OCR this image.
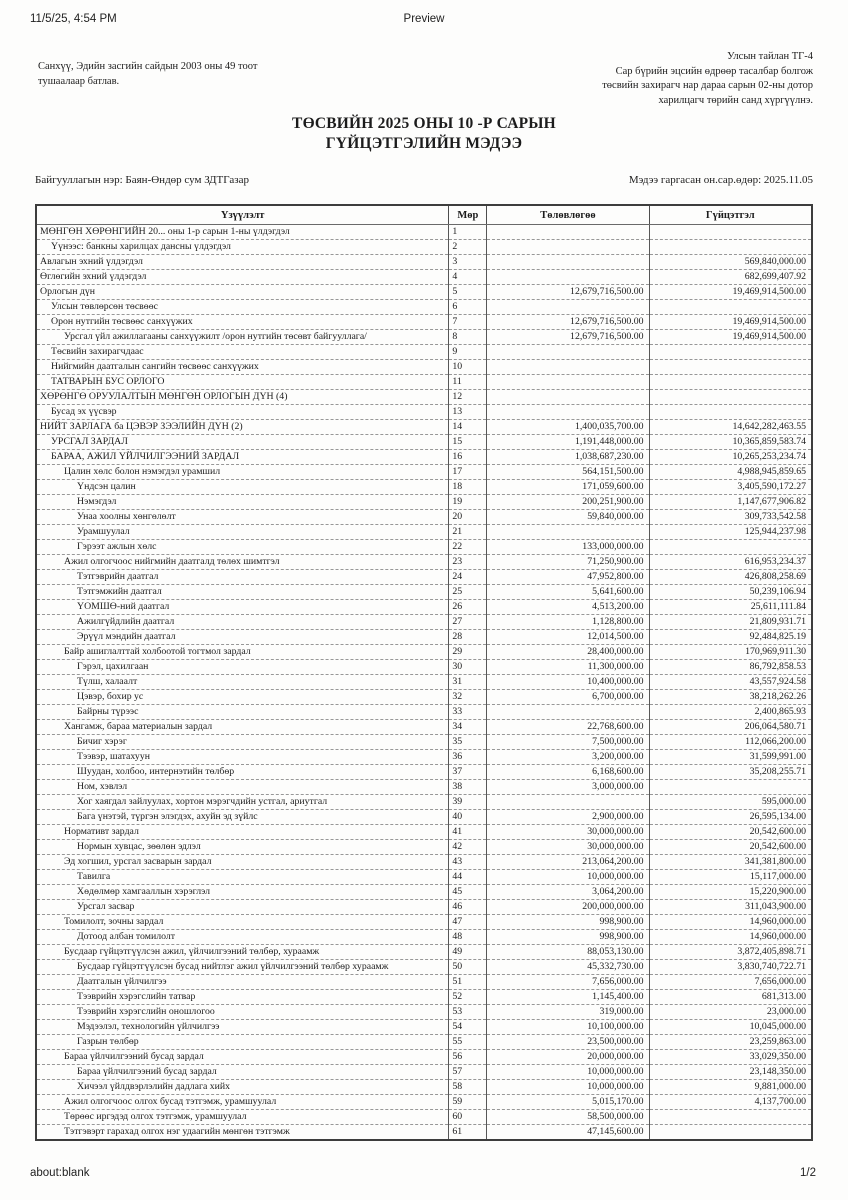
11/5/25, 4:54 PM	Preview
Санхүү, Эдийн засгийн сайдын 2003 оны 49 тоот
тушаалаар батлав.
Улсын тайлан ТГ-4
Сар бүрийн эцсийн өдрөөр тасалбар болгож
төсвийн захирагч нар дараа сарын 02-ны дотор
харилцагч төрийн санд хүргүүлнэ.
ТӨСВИЙН 2025 ОНЫ 10 -Р САРЫН
ГҮЙЦЭТГЭЛИЙН МЭДЭЭ
Байгууллагын нэр: Баян-Өндөр сум ЗДТГазар	Мэдээ гаргасан он.сар.өдөр: 2025.11.05
Үзүүлэлт	Мөр	Төлөвлөгөө	Гүйцэтгэл
МӨНГӨН ХӨРӨНГИЙН 20... оны 1-р сарын 1-ны үлдэгдэл	1		
Үүнээс: банкны харилцах дансны үлдэгдэл	2		
Авлагын эхний үлдэгдэл	3		569,840,000.00
Өглөгийн эхний үлдэгдэл	4		682,699,407.92
Орлогын дүн	5	12,679,716,500.00	19,469,914,500.00
Улсын төвлөрсөн төсвөөс	6		
Орон нутгийн төсвөөс санхүүжих	7	12,679,716,500.00	19,469,914,500.00
Урсгал үйл ажиллагааны санхүүжилт /орон нутгийн төсөвт байгууллага/	8	12,679,716,500.00	19,469,914,500.00
Төсвийн захирагчдаас	9		
Нийгмийн даатгалын сангийн төсвөөс санхүүжих	10		
ТАТВАРЫН БУС ОРЛОГО	11		
ХӨРӨНГӨ ОРУУЛАЛТЫН МӨНГӨН ОРЛОГЫН ДҮН (4)	12		
Бусад эх үүсвэр	13		
НИЙТ ЗАРЛАГА ба ЦЭВЭР ЗЭЭЛИЙН ДҮН (2)	14	1,400,035,700.00	14,642,282,463.55
УРСГАЛ ЗАРДАЛ	15	1,191,448,000.00	10,365,859,583.74
БАРАА, АЖИЛ ҮЙЛЧИЛГЭЭНИЙ ЗАРДАЛ	16	1,038,687,230.00	10,265,253,234.74
Цалин хөлс болон нэмэгдэл урамшил	17	564,151,500.00	4,988,945,859.65
Үндсэн цалин	18	171,059,600.00	3,405,590,172.27
Нэмэгдэл	19	200,251,900.00	1,147,677,906.82
Унаа хоолны хөнгөлөлт	20	59,840,000.00	309,733,542.58
Урамшуулал	21		125,944,237.98
Гэрээт ажлын хөлс	22	133,000,000.00	
Ажил олгогчоос нийгмийн даатгалд төлөх шимтгэл	23	71,250,900.00	616,953,234.37
Тэтгэврийн даатгал	24	47,952,800.00	426,808,258.69
Тэтгэмжийн даатгал	25	5,641,600.00	50,239,106.94
ҮОМШӨ-ний даатгал	26	4,513,200.00	25,611,111.84
Ажилгүйдлийн даатгал	27	1,128,800.00	21,809,931.71
Эрүүл мэндийн даатгал	28	12,014,500.00	92,484,825.19
Байр ашиглалттай холбоотой тогтмол зардал	29	28,400,000.00	170,969,911.30
Гэрэл, цахилгаан	30	11,300,000.00	86,792,858.53
Түлш, халаалт	31	10,400,000.00	43,557,924.58
Цэвэр, бохир ус	32	6,700,000.00	38,218,262.26
Байрны түрээс	33		2,400,865.93
Хангамж, бараа материалын зардал	34	22,768,600.00	206,064,580.71
Бичиг хэрэг	35	7,500,000.00	112,066,200.00
Тээвэр, шатахуун	36	3,200,000.00	31,599,991.00
Шуудан, холбоо, интернэтийн төлбөр	37	6,168,600.00	35,208,255.71
Ном, хэвлэл	38	3,000,000.00	
Хог хаягдал зайлуулах, хортон мэрэгчдийн устгал, ариутгал	39		595,000.00
Бага үнэтэй, түргэн элэгдэх, ахуйн эд зүйлс	40	2,900,000.00	26,595,134.00
Нормативт зардал	41	30,000,000.00	20,542,600.00
Нормын хувцас, зөөлөн эдлэл	42	30,000,000.00	20,542,600.00
Эд хогшил, урсгал засварын зардал	43	213,064,200.00	341,381,800.00
Тавилга	44	10,000,000.00	15,117,000.00
Хөдөлмөр хамгааллын хэрэглэл	45	3,064,200.00	15,220,900.00
Урсгал засвар	46	200,000,000.00	311,043,900.00
Томилолт, зочны зардал	47	998,900.00	14,960,000.00
Дотоод албан томилолт	48	998,900.00	14,960,000.00
Бусдаар гүйцэтгүүлсэн ажил, үйлчилгээний төлбөр, хураамж	49	88,053,130.00	3,872,405,898.71
Бусдаар гүйцэтгүүлсэн бусад нийтлэг ажил үйлчилгээний төлбөр хураамж	50	45,332,730.00	3,830,740,722.71
Даатгалын үйлчилгээ	51	7,656,000.00	7,656,000.00
Тээврийн хэрэгслийн татвар	52	1,145,400.00	681,313.00
Тээврийн хэрэгслийн оношлогоо	53	319,000.00	23,000.00
Мэдээлэл, технологийн үйлчилгээ	54	10,100,000.00	10,045,000.00
Газрын төлбөр	55	23,500,000.00	23,259,863.00
Бараа үйлчилгээний бусад зардал	56	20,000,000.00	33,029,350.00
Бараа үйлчилгээний бусад зардал	57	10,000,000.00	23,148,350.00
Хичээл үйлдвэрлэлийн дадлага хийх	58	10,000,000.00	9,881,000.00
Ажил олгогчоос олгох бусад тэтгэмж, урамшуулал	59	5,015,170.00	4,137,700.00
Төрөөс иргэдэд олгох тэтгэмж, урамшуулал	60	58,500,000.00	
Тэтгэвэрт гарахад олгох нэг удаагийн мөнгөн тэтгэмж	61	47,145,600.00	
about:blank	1/2
